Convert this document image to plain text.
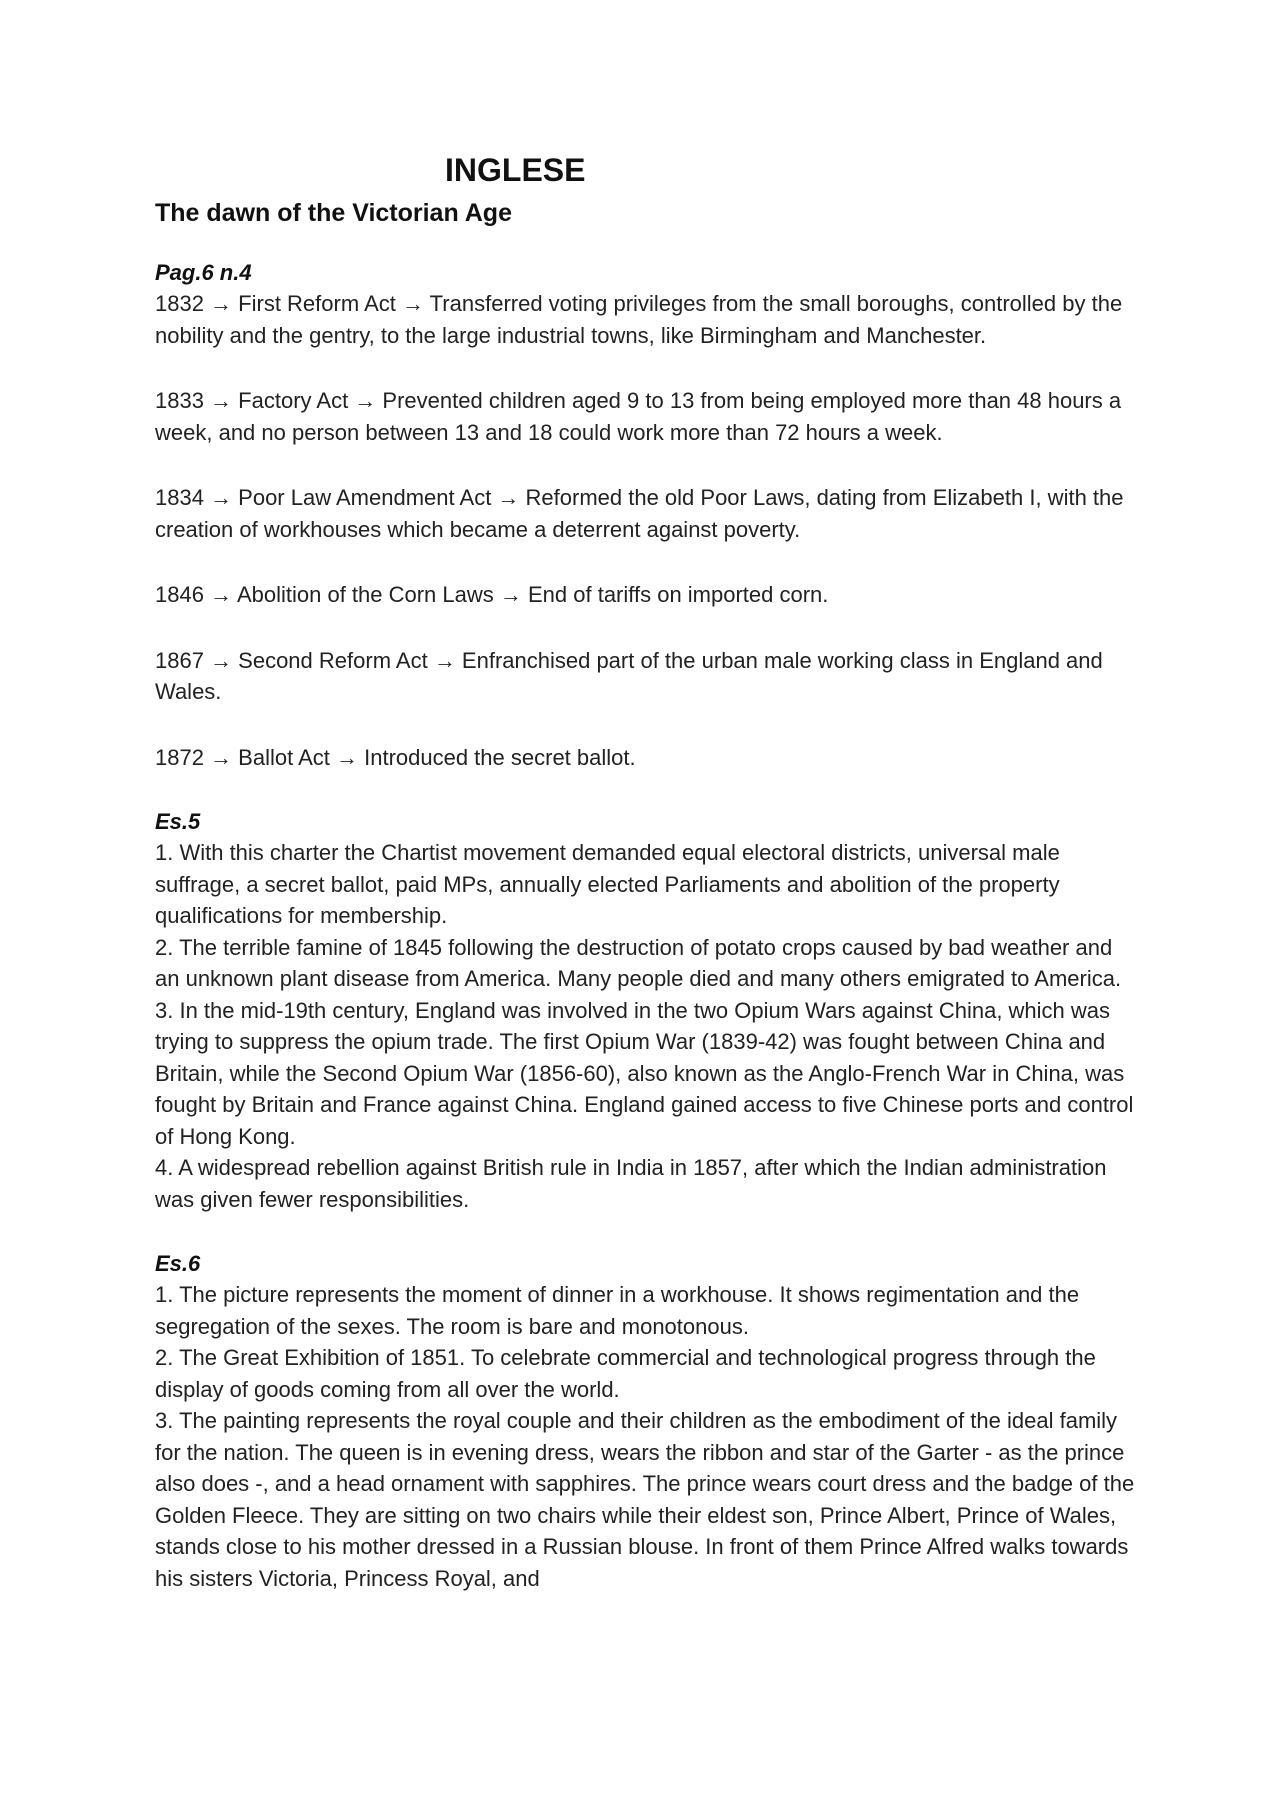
INGLESE
The dawn of the Victorian Age
Pag.6 n.4

1832 → First Reform Act → Transferred voting privileges from the small boroughs, controlled by the nobility and the gentry, to the large industrial towns, like Birmingham and Manchester.

1833 → Factory Act → Prevented children aged 9 to 13 from being employed more than 48 hours a week, and no person between 13 and 18 could work more than 72 hours a week.

1834 → Poor Law Amendment Act → Reformed the old Poor Laws, dating from Elizabeth I, with the creation of workhouses which became a deterrent against poverty.

1846 → Abolition of the Corn Laws → End of tariffs on imported corn.

1867 → Second Reform Act → Enfranchised part of the urban male working class in England and Wales.

1872 → Ballot Act → Introduced the secret ballot.

Es.5

1. With this charter the Chartist movement demanded equal electoral districts, universal male suffrage, a secret ballot, paid MPs, annually elected Parliaments and abolition of the property qualifications for membership.

2. The terrible famine of 1845 following the destruction of potato crops caused by bad weather and an unknown plant disease from America. Many people died and many others emigrated to America.

3. In the mid-19th century, England was involved in the two Opium Wars against China, which was trying to suppress the opium trade. The first Opium War (1839-42) was fought between China and Britain, while the Second Opium War (1856-60), also known as the Anglo-French War in China, was fought by Britain and France against China. England gained access to five Chinese ports and control of Hong Kong.

4. A widespread rebellion against British rule in India in 1857, after which the Indian administration was given fewer responsibilities.

Es.6

1. The picture represents the moment of dinner in a workhouse. It shows regimentation and the segregation of the sexes. The room is bare and monotonous.

2. The Great Exhibition of 1851. To celebrate commercial and technological progress through the display of goods coming from all over the world.

3. The painting represents the royal couple and their children as the embodiment of the ideal family for the nation. The queen is in evening dress, wears the ribbon and star of the Garter - as the prince also does -, and a head ornament with sapphires. The prince wears court dress and the badge of the Golden Fleece. They are sitting on two chairs while their eldest son, Prince Albert, Prince of Wales, stands close to his mother dressed in a Russian blouse. In front of them Prince Alfred walks towards his sisters Victoria, Princess Royal, and
